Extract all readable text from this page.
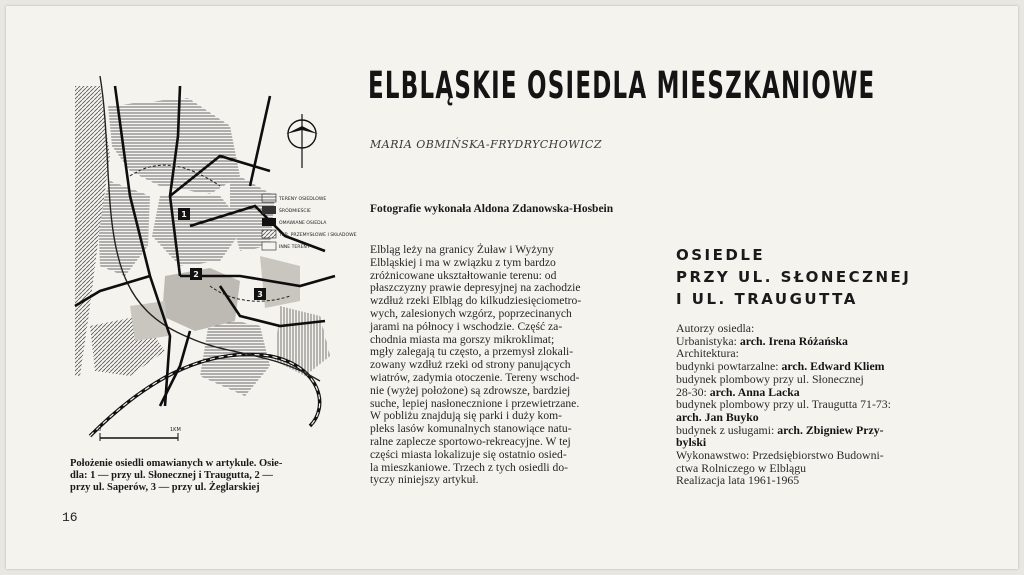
ELBLĄSKIE OSIEDLA MIESZKANIOWE
MARIA OBMIŃSKA-FRYDRYCHOWICZ
Fotografie wykonała Aldona Zdanowska-Hosbein
Elbląg leży na granicy Żuław i Wyżyny
Elbląskiej i ma w związku z tym bardzo
zróżnicowane ukształtowanie terenu: od
płaszczyzny prawie depresyjnej na zachodzie
wzdłuż rzeki Elbląg do kilkudziesięciometro-
wych, zalesionych wzgórz, poprzecinanych
jarami na północy i wschodzie. Część za-
chodnia miasta ma gorszy mikroklimat;
mgły zalegają tu często, a przemysł zlokali-
zowany wzdłuż rzeki od strony panujących
wiatrów, zadymia otoczenie. Tereny wschod-
nie (wyżej położone) są zdrowsze, bardziej
suche, lepiej nasłonecznione i przewietrzane.
W pobliżu znajdują się parki i duży kom-
pleks lasów komunalnych stanowiące natu-
ralne zaplecze sportowo-rekreacyjne. W tej
części miasta lokalizuje się ostatnio osied-
la mieszkaniowe. Trzech z tych osiedli do-
tyczy niniejszy artykuł.
OSIEDLE
PRZY UL. SŁONECZNEJ
I UL. TRAUGUTTA
Autorzy osiedla:
Urbanistyka: arch. Irena Różańska
Architektura:
budynki powtarzalne: arch. Edward Kliem
budynek plombowy przy ul. Słonecznej
28-30: arch. Anna Lacka
budynek plombowy przy ul. Traugutta 71-73:
arch. Jan Buyko
budynek z usługami: arch. Zbigniew Przy-
bylski
Wykonawstwo: Przedsiębiorstwo Budowni-
ctwa Rolniczego w Elblągu
Realizacja lata 1961-1965
TERENY OSIEDLOWE
ŚRÓDMIEŚCIE
OMAWIANE OSIEDLA
TER. PRZEMYSŁOWE I SKŁADOWE
INNE TERENY
1
2
3
0	1KM
Położenie osiedli omawianych w artykule. Osie-
dla: 1 — przy ul. Słonecznej i Traugutta, 2 —
przy ul. Saperów, 3 — przy ul. Żeglarskiej
16
